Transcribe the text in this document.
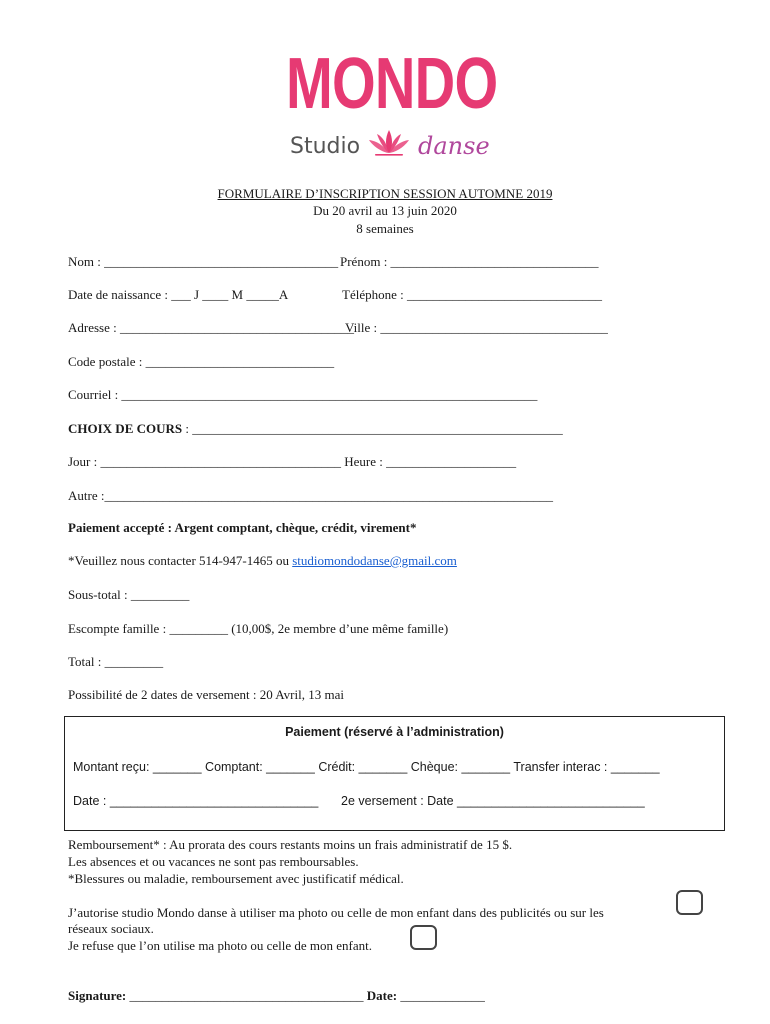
MONDO
Studio danse
FORMULAIRE D’INSCRIPTION SESSION AUTOMNE 2019
Du 20 avril au 13 juin 2020
8 semaines
Nom : ____________________________________ Prénom : ________________________________
Date de naissance : ___ J ____ M _____A	Téléphone : ______________________________
Adresse : ____________________________________
Ville : ___________________________________
Code postale : _____________________________
Courriel : ________________________________________________________________
CHOIX DE COURS : _________________________________________________________
Jour : _____________________________________ Heure : ____________________
Autre :_____________________________________________________________________
Paiement accepté : Argent comptant, chèque, crédit, virement*
*Veuillez nous contacter 514-947-1465 ou studiomondodanse@gmail.com
Sous-total : _________
Escompte famille : _________ (10,00$, 2e membre d’une même famille)
Total : _________
Possibilité de 2 dates de versement : 20 Avril, 13 mai
Paiement (réservé à l’administration)
Montant reçu: _______ Comptant: _______ Crédit: _______ Chèque: _______ Transfer interac : _______
Date : ______________________________ 2e versement : Date ___________________________
Remboursement* : Au prorata des cours restants moins un frais administratif de 15 $.
Les absences et ou vacances ne sont pas remboursables.
*Blessures ou maladie, remboursement avec justificatif médical.
J’autorise studio Mondo danse à utiliser ma photo ou celle de mon enfant dans des publicités ou sur les
réseaux sociaux.
Je refuse que l’on utilise ma photo ou celle de mon enfant.
Signature: ____________________________________ Date: _____________
